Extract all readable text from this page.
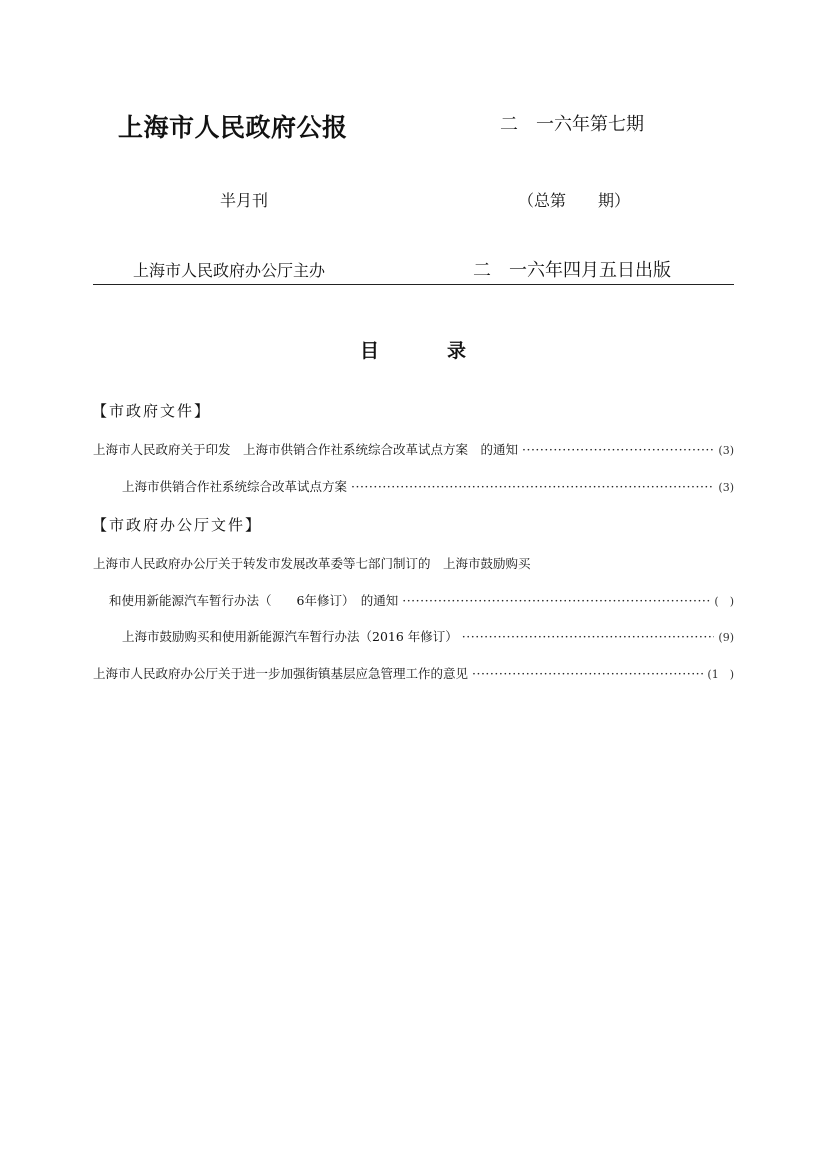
上海市人民政府公报	二　一六年第七期
半月刊	（总第　　期）
上海市人民政府办公厅主办	二　一六年四月五日出版
目	录
【市政府文件】
上海市人民政府关于印发　上海市供销合作社系统综合改革试点方案　的通知 ·····	(3)
上海市供销合作社系统综合改革试点方案 ·····	(3)
【市政府办公厅文件】
上海市人民政府办公厅关于转发市发展改革委等七部门制订的　上海市鼓励购买
和使用新能源汽车暂行办法（　　6年修订）　的通知 ·····	(　)
上海市鼓励购买和使用新能源汽车暂行办法（2016 年修订） ·····	(9)
上海市人民政府办公厅关于进一步加强街镇基层应急管理工作的意见 ·····	(1　)
